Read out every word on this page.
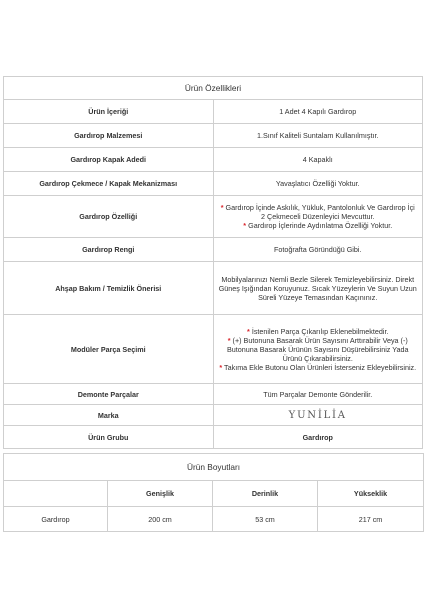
Ürün Özellikleri	
Ürün İçeriği	1 Adet 4 Kapılı Gardırop

Gardırop Malzemesi	1.Sınıf Kaliteli Suntalam Kullanılmıştır.

Gardırop Kapak Adedi	4 Kapaklı

Gardırop Çekmece / Kapak Mekanizması	Yavaşlatıcı Özelliği Yoktur.

Gardırop Özelliği	* Gardırop İçinde Askılık, Yükluk, Pantolonluk Ve Gardırop İçi 2 Çekmeceli Düzenleyici Mevcuttur.
* Gardırop İçlerinde Aydınlatma Özelliği Yoktur.

Gardırop Rengi	Fotoğrafta Göründüğü Gibi.

Ahşap Bakım / Temizlik Önerisi	Mobilyalarınızı Nemli Bezle Silerek Temizleyebilirsiniz. Direkt Güneş Işığından Koruyunuz. Sıcak Yüzeylerin Ve Suyun Uzun Süreli Yüzeye Temasından Kaçınınız.

Modüler Parça Seçimi	* İstenilen Parça Çıkarılıp Eklenebilmektedir.
* (+) Butonuna Basarak Ürün Sayısını Arttırabilir Veya (-) Butonuna Basarak Ürünün Sayısını Düşürebilirsiniz Yada Ürünü Çıkarabilirsiniz.
* Takıma Ekle Butonu Olan Ürünleri İsterseniz Ekleyebilirsiniz.

Demonte Parçalar	Tüm Parçalar Demonte Gönderilir.

Marka	YUNİLİA
Ürün Grubu	Gardırop
Ürün Boyutları			
	Genişlik	Derinlik	Yükseklik
Gardırop	200 cm	53 cm	217 cm
